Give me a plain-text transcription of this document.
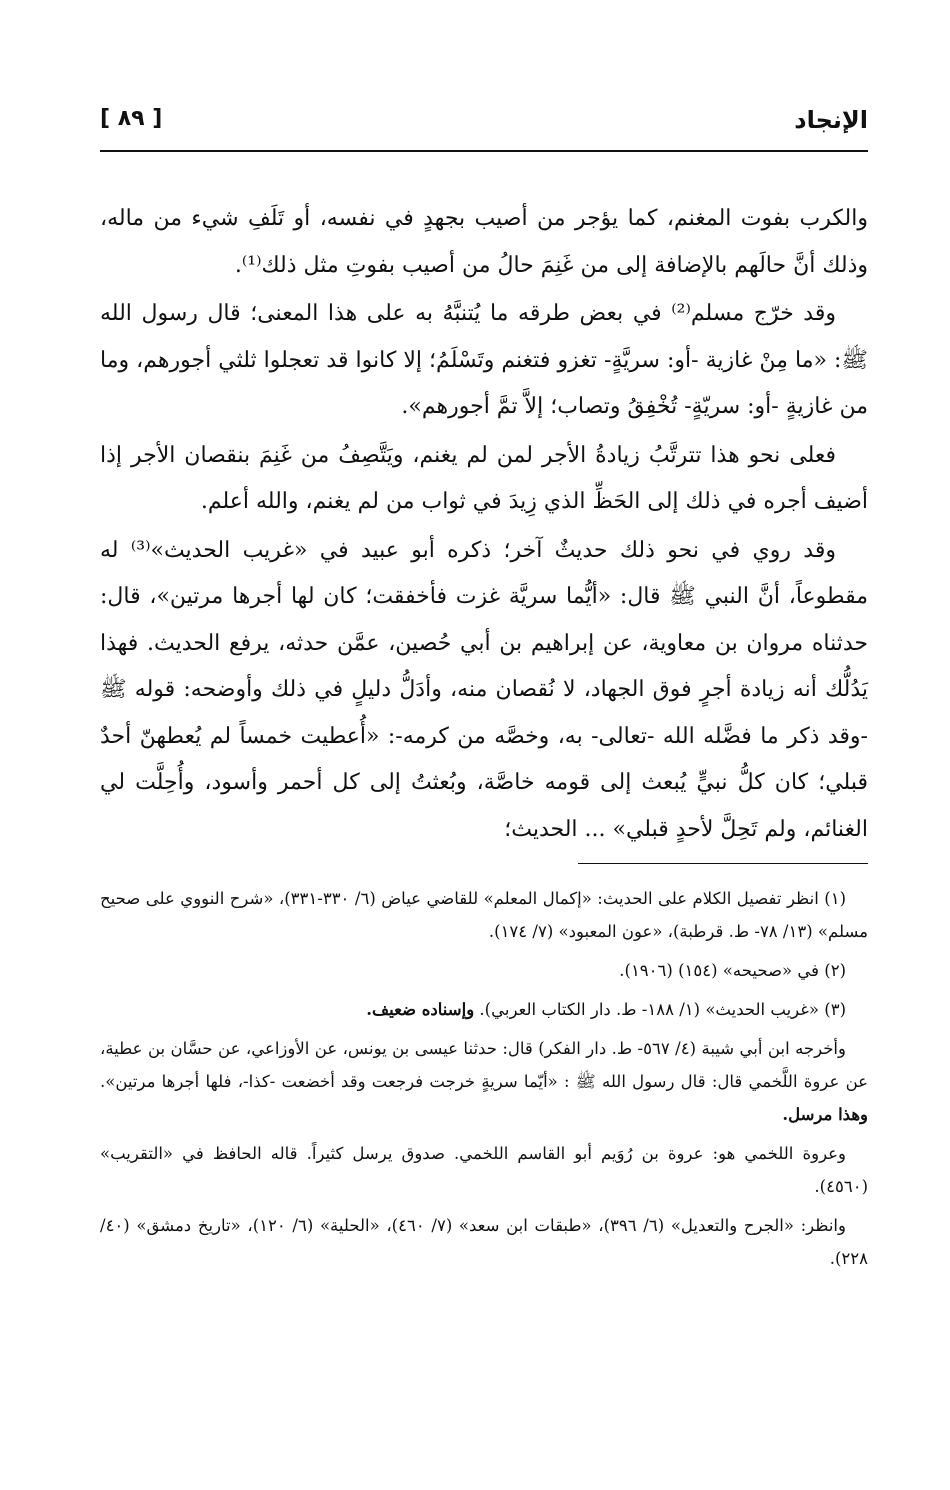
الإنجاد
[ ٨٩ ]

والكرب بفوت المغنم، كما يؤجر من أصيب بجهدٍ في نفسه، أو تَلَفِ شيء من ماله، وذلك أنَّ حالَهم بالإضافة إلى من غَنِمَ حالُ من أصيب بفوتِ مثل ذلك⁽¹⁾.

وقد خرّج مسلم⁽²⁾ في بعض طرقه ما يُتنبَّهُ به على هذا المعنى؛ قال رسول الله ﷺ: «ما مِنْ غازية -أو: سريَّةٍ- تغزو فتغنم وتَسْلَمُ؛ إلا كانوا قد تعجلوا ثلثي أجورهم، وما من غازيةٍ -أو: سريّةٍ- تُخْفِقُ وتصاب؛ إلاَّ تمَّ أجورهم».

فعلى نحو هذا تترتَّبُ زيادةُ الأجر لمن لم يغنم، ويَتَّصِفُ من غَنِمَ بنقصان الأجر إذا أضيف أجره في ذلك إلى الحَظِّ الذي زِيدَ في ثواب من لم يغنم، والله أعلم.

وقد روي في نحو ذلك حديثٌ آخر؛ ذكره أبو عبيد في «غريب الحديث»⁽³⁾ له مقطوعاً، أنَّ النبي ﷺ قال: «أيُّما سريَّة غزت فأخفقت؛ كان لها أجرها مرتين»، قال: حدثناه مروان بن معاوية، عن إبراهيم بن أبي حُصين، عمَّن حدثه، يرفع الحديث. فهذا يَدُلُّك أنه زيادة أجرٍ فوق الجهاد، لا نُقصان منه، وأدَلُّ دليلٍ في ذلك وأوضحه: قوله ﷺ -وقد ذكر ما فضَّله الله -تعالى- به، وخصَّه من كرمه-: «أُعطيت خمساً لم يُعطهنّ أحدٌ قبلي؛ كان كلُّ نبيٍّ يُبعث إلى قومه خاصَّة، وبُعثتُ إلى كل أحمر وأسود، وأُحِلَّت لي الغنائم، ولم تَحِلَّ لأحدٍ قبلي» ... الحديث؛

(١) انظر تفصيل الكلام على الحديث: «إكمال المعلم» للقاضي عياض (٦/ ٣٣٠-٣٣١)، «شرح النووي على صحيح مسلم» (١٣/ ٧٨- ط. قرطبة)، «عون المعبود» (٧/ ١٧٤).

(٢) في «صحيحه» (١٥٤) (١٩٠٦).

(٣) «غريب الحديث» (١/ ١٨٨- ط. دار الكتاب العربي). وإسناده ضعيف.

وأخرجه ابن أبي شيبة (٤/ ٥٦٧- ط. دار الفكر) قال: حدثنا عيسى بن يونس، عن الأوزاعي، عن حسَّان بن عطية، عن عروة اللَّخمي قال: قال رسول الله ﷺ : «أيّما سريةٍ خرجت فرجعت وقد أخضعت -كذا-، فلها أجرها مرتين». وهذا مرسل.

وعروة اللخمي هو: عروة بن رُوَيم أبو القاسم اللخمي. صدوق يرسل كثيراً. قاله الحافظ في «التقريب» (٤٥٦٠).

وانظر: «الجرح والتعديل» (٦/ ٣٩٦)، «طبقات ابن سعد» (٧/ ٤٦٠)، «الحلية» (٦/ ١٢٠)، «تاريخ دمشق» (٤٠/ ٢٢٨).
